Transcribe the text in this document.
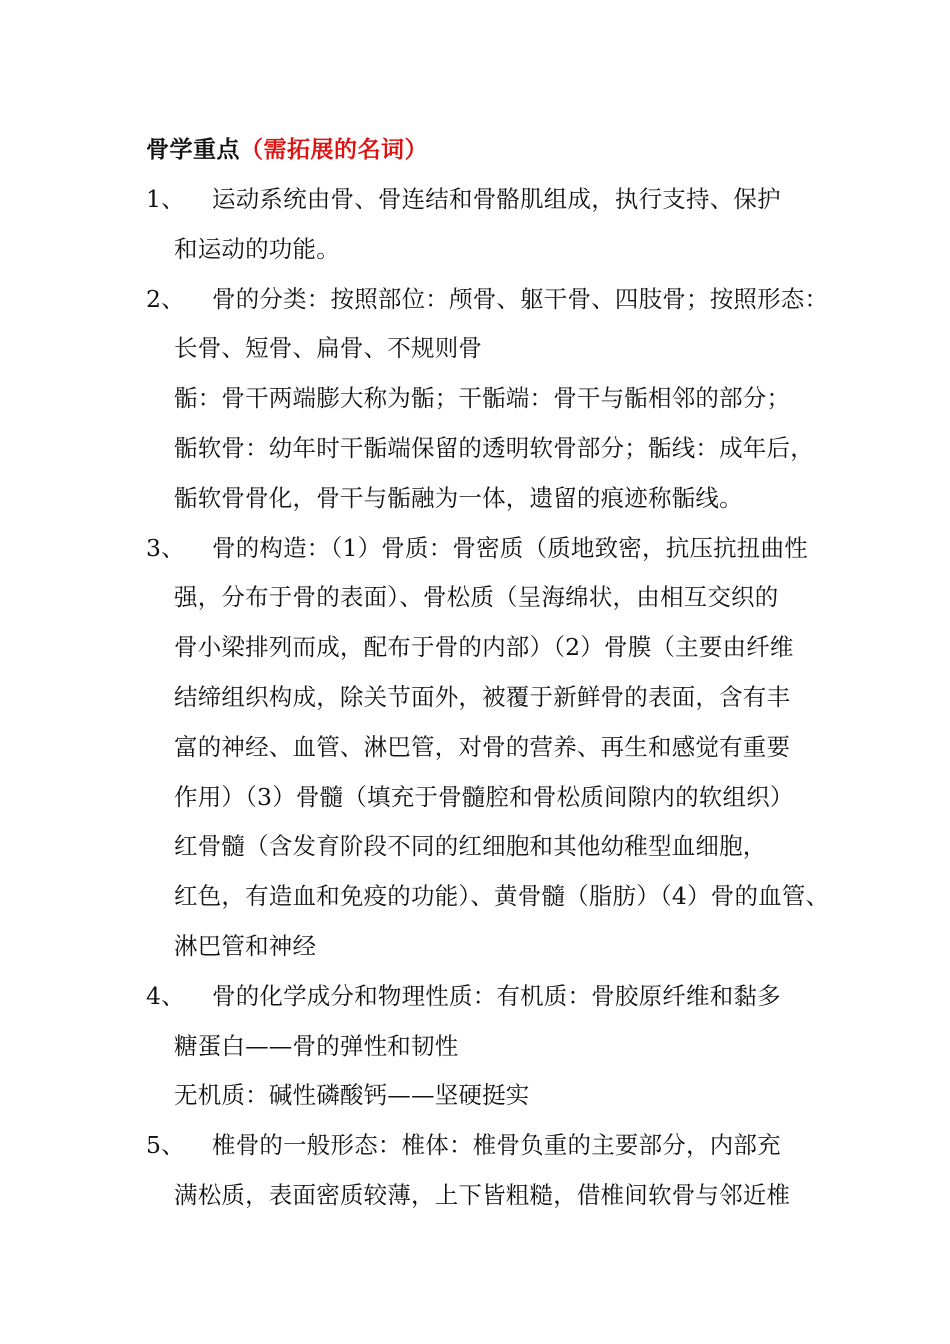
骨学重点（需拓展的名词）
1、 运动系统由骨、骨连结和骨骼肌组成，执行支持、保护
和运动的功能。
2、 骨的分类：按照部位：颅骨、躯干骨、四肢骨；按照形态：
长骨、短骨、扁骨、不规则骨
骺：骨干两端膨大称为骺；干骺端：骨干与骺相邻的部分；
骺软骨：幼年时干骺端保留的透明软骨部分；骺线：成年后，
骺软骨骨化，骨干与骺融为一体，遗留的痕迹称骺线。
3、 骨的构造：（1）骨质：骨密质（质地致密，抗压抗扭曲性
强，分布于骨的表面）、骨松质（呈海绵状，由相互交织的
骨小梁排列而成，配布于骨的内部）（2）骨膜（主要由纤维
结缔组织构成，除关节面外，被覆于新鲜骨的表面，含有丰
富的神经、血管、淋巴管，对骨的营养、再生和感觉有重要
作用）（3）骨髓（填充于骨髓腔和骨松质间隙内的软组织）
红骨髓（含发育阶段不同的红细胞和其他幼稚型血细胞，
红色，有造血和免疫的功能）、黄骨髓（脂肪）（4）骨的血管、
淋巴管和神经
4、 骨的化学成分和物理性质：有机质：骨胶原纤维和黏多
糖蛋白——骨的弹性和韧性
无机质：碱性磷酸钙——坚硬挺实
5、 椎骨的一般形态：椎体：椎骨负重的主要部分，内部充
满松质，表面密质较薄，上下皆粗糙，借椎间软骨与邻近椎
